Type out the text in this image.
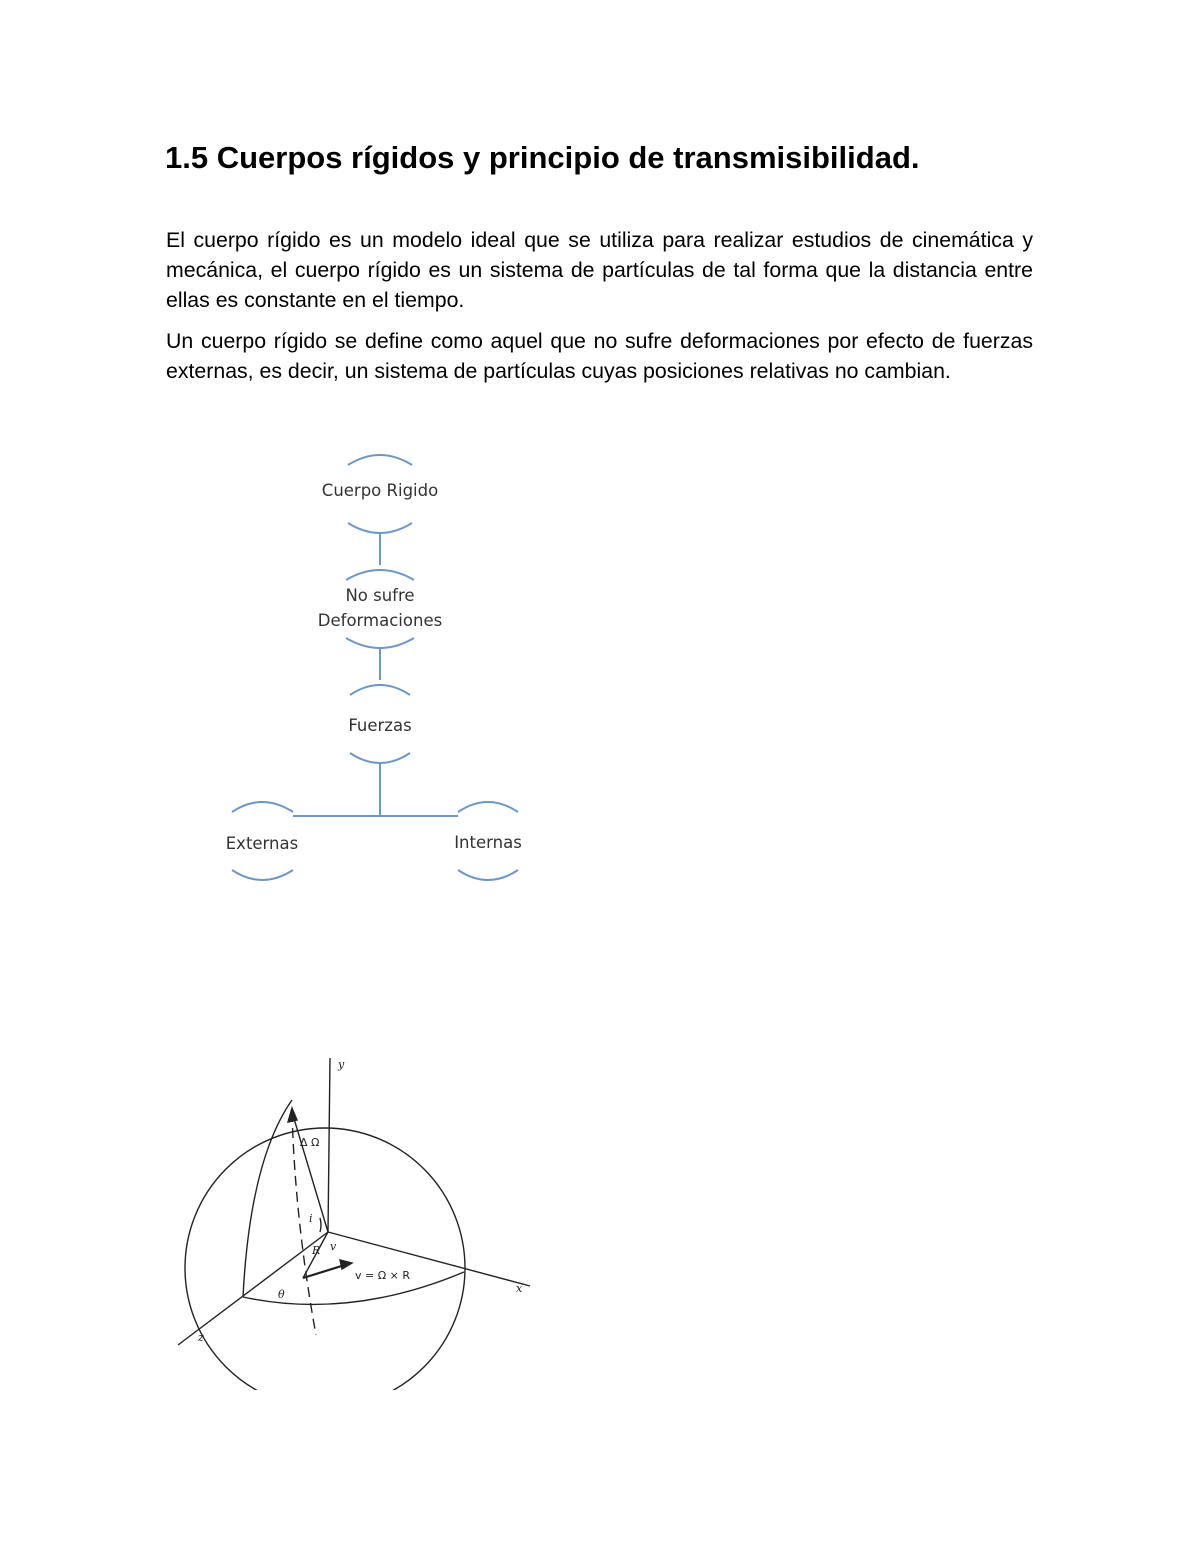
1.5 Cuerpos rígidos y principio de transmisibilidad.

El cuerpo rígido es un modelo ideal que se utiliza para realizar estudios de cinemática y mecánica, el cuerpo rígido es un sistema de partículas de tal forma que la distancia entre ellas es constante en el tiempo.

Un cuerpo rígido se define como aquel que no sufre deformaciones por efecto de fuerzas externas, es decir, un sistema de partículas cuyas posiciones relativas no cambian.

Cuerpo Rigido
No sufre
Deformaciones
Fuerzas
Externas	Internas
y
x
z
Δ Ω
i
R v
θ
v = Ω × R
